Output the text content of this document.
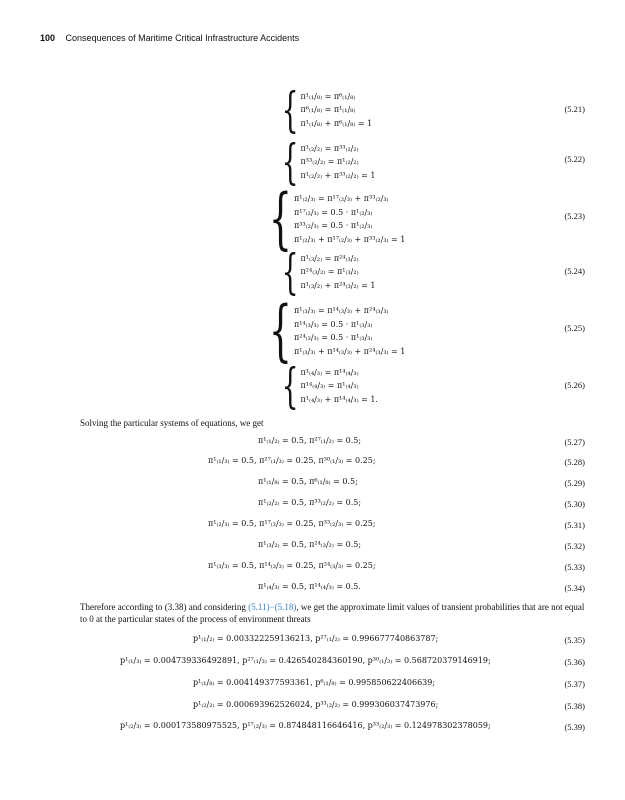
100 Consequences of Maritime Critical Infrastructure Accidents
{ π¹₍₁/₈₎ = π⁶₍₁/₈₎
π⁶₍₁/₈₎ = π¹₍₁/₈₎
π¹₍₁/₈₎ + π⁶₍₁/₈₎ = 1
(5.21)
{ π¹₍₂/₂₎ = π³³₍₂/₂₎
π³³₍₂/₂₎ = π¹₍₂/₂₎
π¹₍₂/₂₎ + π³³₍₂/₂₎ = 1
(5.22)
{ π¹₍₂/₃₎ = π¹⁷₍₂/₃₎ + π³³₍₂/₃₎
π¹⁷₍₂/₃₎ = 0.5 · π¹₍₂/₃₎
π³³₍₂/₃₎ = 0.5 · π¹₍₂/₃₎
π¹₍₂/₃₎ + π¹⁷₍₂/₃₎ + π³³₍₂/₃₎ = 1
(5.23)
{ π¹₍₃/₂₎ = π²⁴₍₃/₂₎
π²⁴₍₃/₂₎ = π¹₍₃/₂₎
π¹₍₃/₂₎ + π²⁴₍₃/₂₎ = 1
(5.24)
{ π¹₍₃/₃₎ = π¹⁴₍₃/₃₎ + π²⁴₍₃/₃₎
π¹⁴₍₃/₃₎ = 0.5 · π¹₍₃/₃₎
π²⁴₍₃/₃₎ = 0.5 · π¹₍₃/₃₎
π¹₍₃/₃₎ + π¹⁴₍₃/₃₎ + π²⁴₍₃/₃₎ = 1
(5.25)
{ π¹₍₄/₃₎ = π¹⁴₍₄/₃₎
π¹⁴₍₄/₃₎ = π¹₍₄/₃₎
π¹₍₄/₃₎ + π¹⁴₍₄/₃₎ = 1.
(5.26)
Solving the particular systems of equations, we get
π¹₍₁/₂₎ = 0.5, π²⁷₍₁/₂₎ = 0.5;	(5.27)
π¹₍₁/₃₎ = 0.5, π²⁷₍₁/₃₎ = 0.25, π³⁰₍₁/₃₎ = 0.25;	(5.28)
π¹₍₁/₈₎ = 0.5, π⁶₍₁/₈₎ = 0.5;	(5.29)
π¹₍₂/₂₎ = 0.5, π³³₍₂/₂₎ = 0.5;	(5.30)
π¹₍₂/₃₎ = 0.5, π¹⁷₍₂/₃₎ = 0.25, π³³₍₂/₃₎ = 0.25;	(5.31)
π¹₍₃/₂₎ = 0.5, π²⁴₍₃/₂₎ = 0.5;	(5.32)
π¹₍₃/₃₎ = 0.5, π¹⁴₍₃/₃₎ = 0.25, π²⁴₍₃/₃₎ = 0.25;	(5.33)
π¹₍₄/₃₎ = 0.5, π¹⁴₍₄/₃₎ = 0.5.	(5.34)
Therefore according to (3.38) and considering (5.11)−(5.18), we get the approximate limit values of transient probabilities that are not equal to 0 at the particular states of the process of environment threats
p¹₍₁/₂₎ = 0.003322259136213, p²⁷₍₁/₂₎ = 0.996677740863787;	(5.35)
p¹₍₁/₃₎ = 0.004739336492891, p²⁷₍₁/₃₎ = 0.426540284360190, p³⁰₍₁/₃₎ = 0.568720379146919;	(5.36)
p¹₍₁/₈₎ = 0.004149377593361, p⁶₍₁/₈₎ = 0.995850622406639;	(5.37)
p¹₍₂/₂₎ = 0.000693962526024, p³³₍₂/₂₎ = 0.999306037473976;	(5.38)
p¹₍₂/₃₎ = 0.000173580975525, p¹⁷₍₂/₃₎ = 0.874848116646416, p³³₍₂/₃₎ = 0.124978302378059;	(5.39)
